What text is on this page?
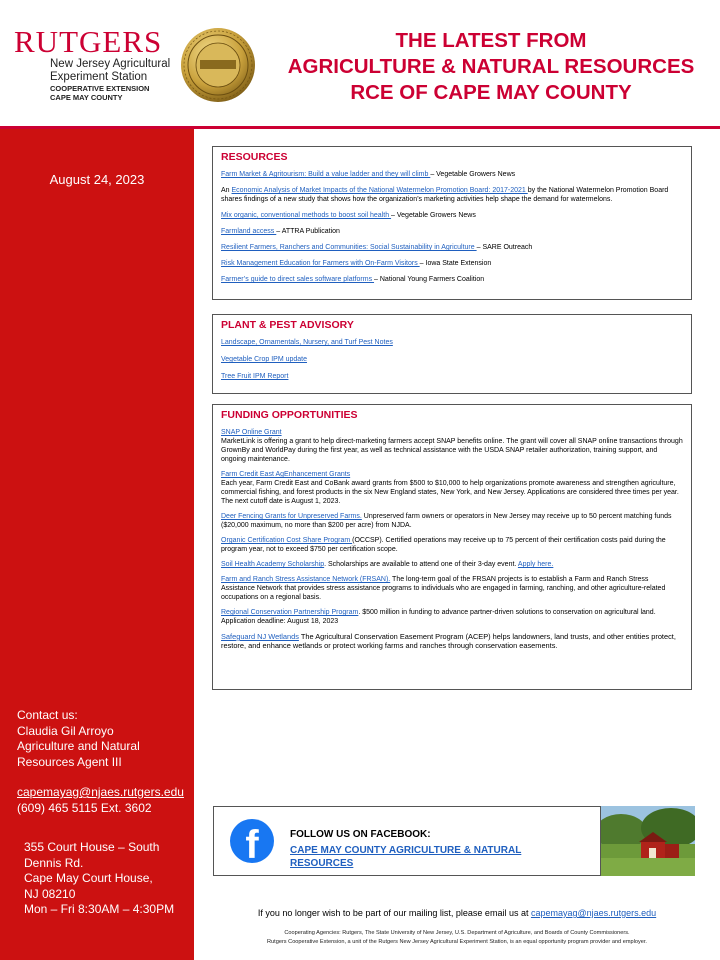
RUTGERS
New Jersey Agricultural
Experiment Station
COOPERATIVE EXTENSION
CAPE MAY COUNTY
THE LATEST FROM
AGRICULTURE & NATURAL RESOURCES
RCE OF CAPE MAY COUNTY
August 24, 2023
Contact us:
Claudia Gil Arroyo
Agriculture and Natural
Resources Agent III
capemayag@njaes.rutgers.edu
(609) 465 5115 Ext. 3602
355 Court House – South
Dennis Rd.
Cape May Court House,
NJ 08210
Mon – Fri 8:30AM – 4:30PM
RESOURCES
Farm Market & Agritourism: Build a value ladder and they will climb – Vegetable Growers News
An Economic Analysis of Market Impacts of the National Watermelon Promotion Board: 2017-2021 by the National Watermelon Promotion Board shares findings of a new study that shows how the organization’s marketing activities help shape the demand for watermelons.
Mix organic, conventional methods to boost soil health – Vegetable Growers News
Farmland access – ATTRA Publication
Resilient Farmers, Ranchers and Communities: Social Sustainability in Agriculture – SARE Outreach
Risk Management Education for Farmers with On-Farm Visitors – Iowa State Extension
Farmer’s guide to direct sales software platforms – National Young Farmers Coalition
PLANT & PEST ADVISORY
Landscape, Ornamentals, Nursery, and Turf Pest Notes
Vegetable Crop IPM update
Tree Fruit IPM Report
FUNDING OPPORTUNITIES
SNAP Online Grant
MarketLink is offering a grant to help direct-marketing farmers accept SNAP benefits online. The grant will cover all SNAP online transactions through GrownBy and WorldPay during the first year, as well as technical assistance with the USDA SNAP retailer authorization, training support, and ongoing maintenance.
Farm Credit East AgEnhancement Grants
Each year, Farm Credit East and CoBank award grants from $500 to $10,000 to help organizations promote awareness and strengthen agriculture, commercial fishing, and forest products in the six New England states, New York, and New Jersey. Applications are considered three times per year. The next cutoff date is August 1, 2023.
Deer Fencing Grants for Unpreserved Farms. Unpreserved farm owners or operators in New Jersey may receive up to 50 percent matching funds ($20,000 maximum, no more than $200 per acre) from NJDA.
Organic Certification Cost Share Program (OCCSP). Certified operations may receive up to 75 percent of their certification costs paid during the program year, not to exceed $750 per certification scope.
Soil Health Academy Scholarship. Scholarships are available to attend one of their 3-day event. Apply here.
Farm and Ranch Stress Assistance Network (FRSAN). The long-term goal of the FRSAN projects is to establish a Farm and Ranch Stress Assistance Network that provides stress assistance programs to individuals who are engaged in farming, ranching, and other agriculture-related occupations on a regional basis.
Regional Conservation Partnership Program. $500 million in funding to advance partner-driven solutions to conservation on agricultural land. Application deadline: August 18, 2023
Safeguard NJ Wetlands The Agricultural Conservation Easement Program (ACEP) helps landowners, land trusts, and other entities protect, restore, and enhance wetlands or protect working farms and ranches through conservation easements.
f	FOLLOW US ON FACEBOOK:
CAPE MAY COUNTY AGRICULTURE & NATURAL RESOURCES
If you no longer wish to be part of our mailing list, please email us at capemayag@njaes.rutgers.edu
Cooperating Agencies: Rutgers, The State University of New Jersey, U.S. Department of Agriculture, and Boards of County Commissioners.
Rutgers Cooperative Extension, a unit of the Rutgers New Jersey Agricultural Experiment Station, is an equal opportunity program provider and employer.
